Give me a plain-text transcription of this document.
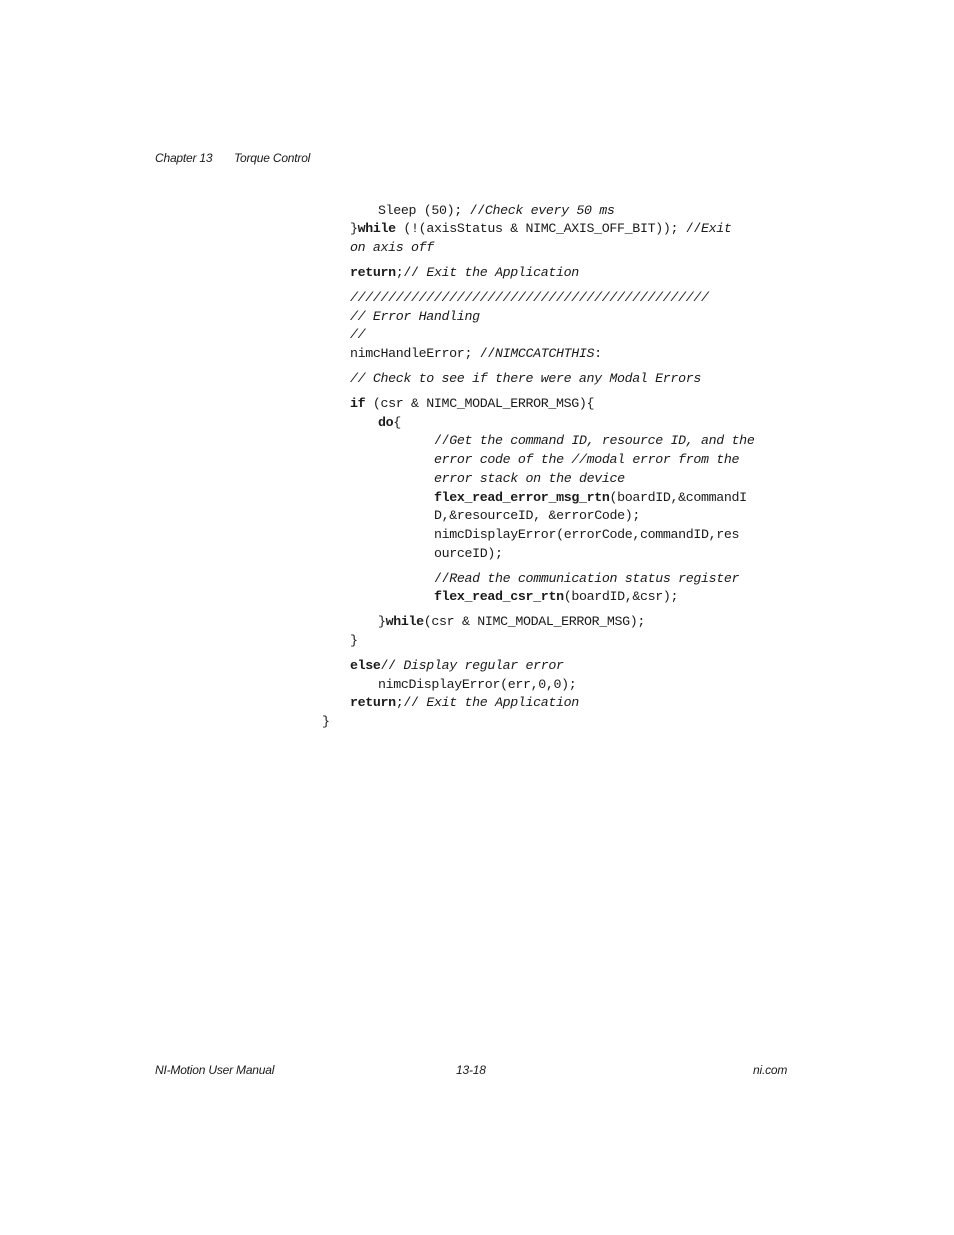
Chapter 13 Torque Control
Sleep (50); //Check every 50 ms
}while (!(axisStatus & NIMC_AXIS_OFF_BIT)); //Exit
on axis off
return;// Exit the Application
///////////////////////////////////////////////
// Error Handling
//
nimcHandleError; //NIMCCATCHTHIS:
// Check to see if there were any Modal Errors
if (csr & NIMC_MODAL_ERROR_MSG){
do{
//Get the command ID, resource ID, and the
error code of the //modal error from the
error stack on the device
flex_read_error_msg_rtn(boardID,&commandI
D,&resourceID, &errorCode);
nimcDisplayError(errorCode,commandID,res
ourceID);
//Read the communication status register
flex_read_csr_rtn(boardID,&csr);
}while(csr & NIMC_MODAL_ERROR_MSG);
}
else// Display regular error
nimcDisplayError(err,0,0);
return;// Exit the Application
}
NI-Motion User Manual	13-18	ni.com
